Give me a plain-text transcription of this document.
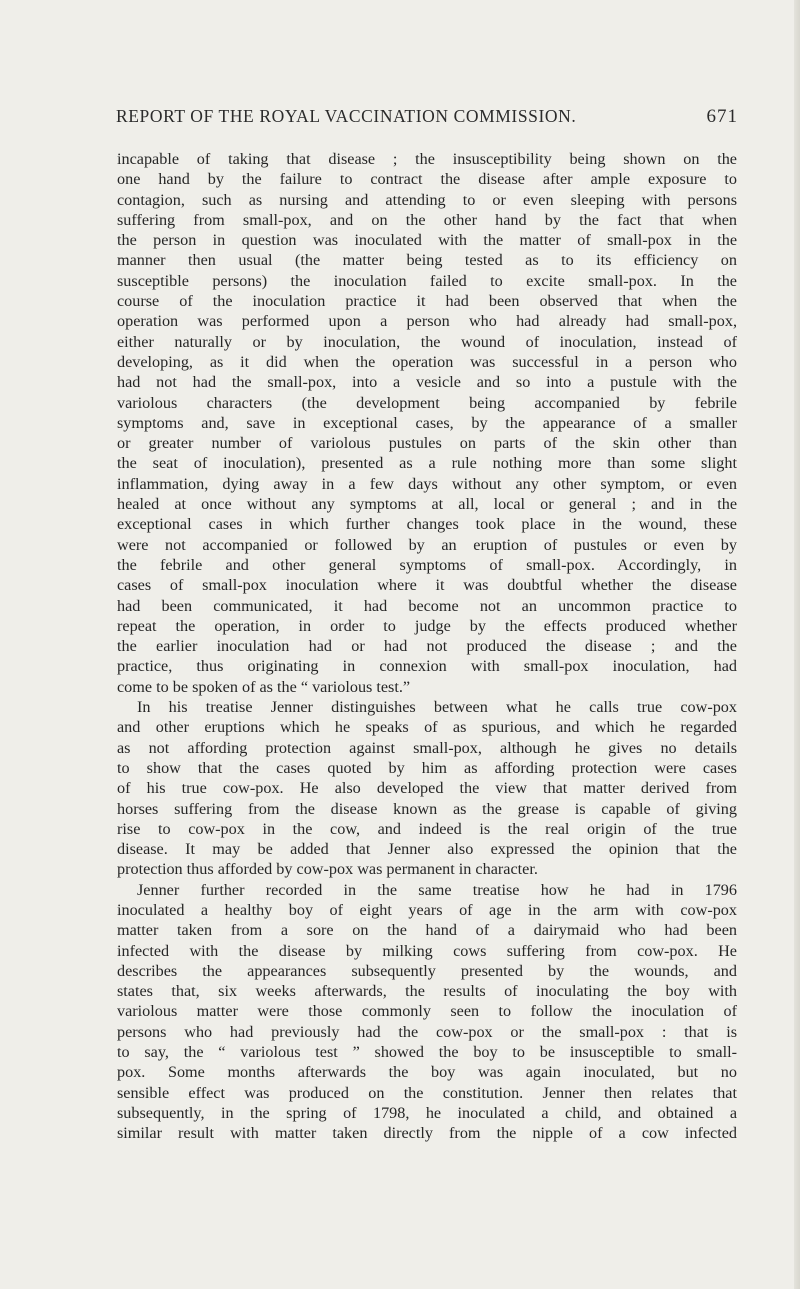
REPORT OF THE ROYAL VACCINATION COMMISSION.	671
incapable of taking that disease ; the insusceptibility being shown on the
one hand by the failure to contract the disease after ample exposure to
contagion, such as nursing and attending to or even sleeping with persons
suffering from small-pox, and on the other hand by the fact that when
the person in question was inoculated with the matter of small-pox in the
manner then usual (the matter being tested as to its efficiency on
susceptible persons) the inoculation failed to excite small-pox. In the
course of the inoculation practice it had been observed that when the
operation was performed upon a person who had already had small-pox,
either naturally or by inoculation, the wound of inoculation, instead of
developing, as it did when the operation was successful in a person who
had not had the small-pox, into a vesicle and so into a pustule with the
variolous characters (the development being accompanied by febrile
symptoms and, save in exceptional cases, by the appearance of a smaller
or greater number of variolous pustules on parts of the skin other than
the seat of inoculation), presented as a rule nothing more than some slight
inflammation, dying away in a few days without any other symptom, or even
healed at once without any symptoms at all, local or general ; and in the
exceptional cases in which further changes took place in the wound, these
were not accompanied or followed by an eruption of pustules or even by
the febrile and other general symptoms of small-pox. Accordingly, in
cases of small-pox inoculation where it was doubtful whether the disease
had been communicated, it had become not an uncommon practice to
repeat the operation, in order to judge by the effects produced whether
the earlier inoculation had or had not produced the disease ; and the
practice, thus originating in connexion with small-pox inoculation, had
come to be spoken of as the “ variolous test.”
In his treatise Jenner distinguishes between what he calls true cow-pox
and other eruptions which he speaks of as spurious, and which he regarded
as not affording protection against small-pox, although he gives no details
to show that the cases quoted by him as affording protection were cases
of his true cow-pox. He also developed the view that matter derived from
horses suffering from the disease known as the grease is capable of giving
rise to cow-pox in the cow, and indeed is the real origin of the true
disease. It may be added that Jenner also expressed the opinion that the
protection thus afforded by cow-pox was permanent in character.
Jenner further recorded in the same treatise how he had in 1796
inoculated a healthy boy of eight years of age in the arm with cow-pox
matter taken from a sore on the hand of a dairymaid who had been
infected with the disease by milking cows suffering from cow-pox. He
describes the appearances subsequently presented by the wounds, and
states that, six weeks afterwards, the results of inoculating the boy with
variolous matter were those commonly seen to follow the inoculation of
persons who had previously had the cow-pox or the small-pox : that is
to say, the “ variolous test ” showed the boy to be insusceptible to small-
pox. Some months afterwards the boy was again inoculated, but no
sensible effect was produced on the constitution. Jenner then relates that
subsequently, in the spring of 1798, he inoculated a child, and obtained a
similar result with matter taken directly from the nipple of a cow infected
